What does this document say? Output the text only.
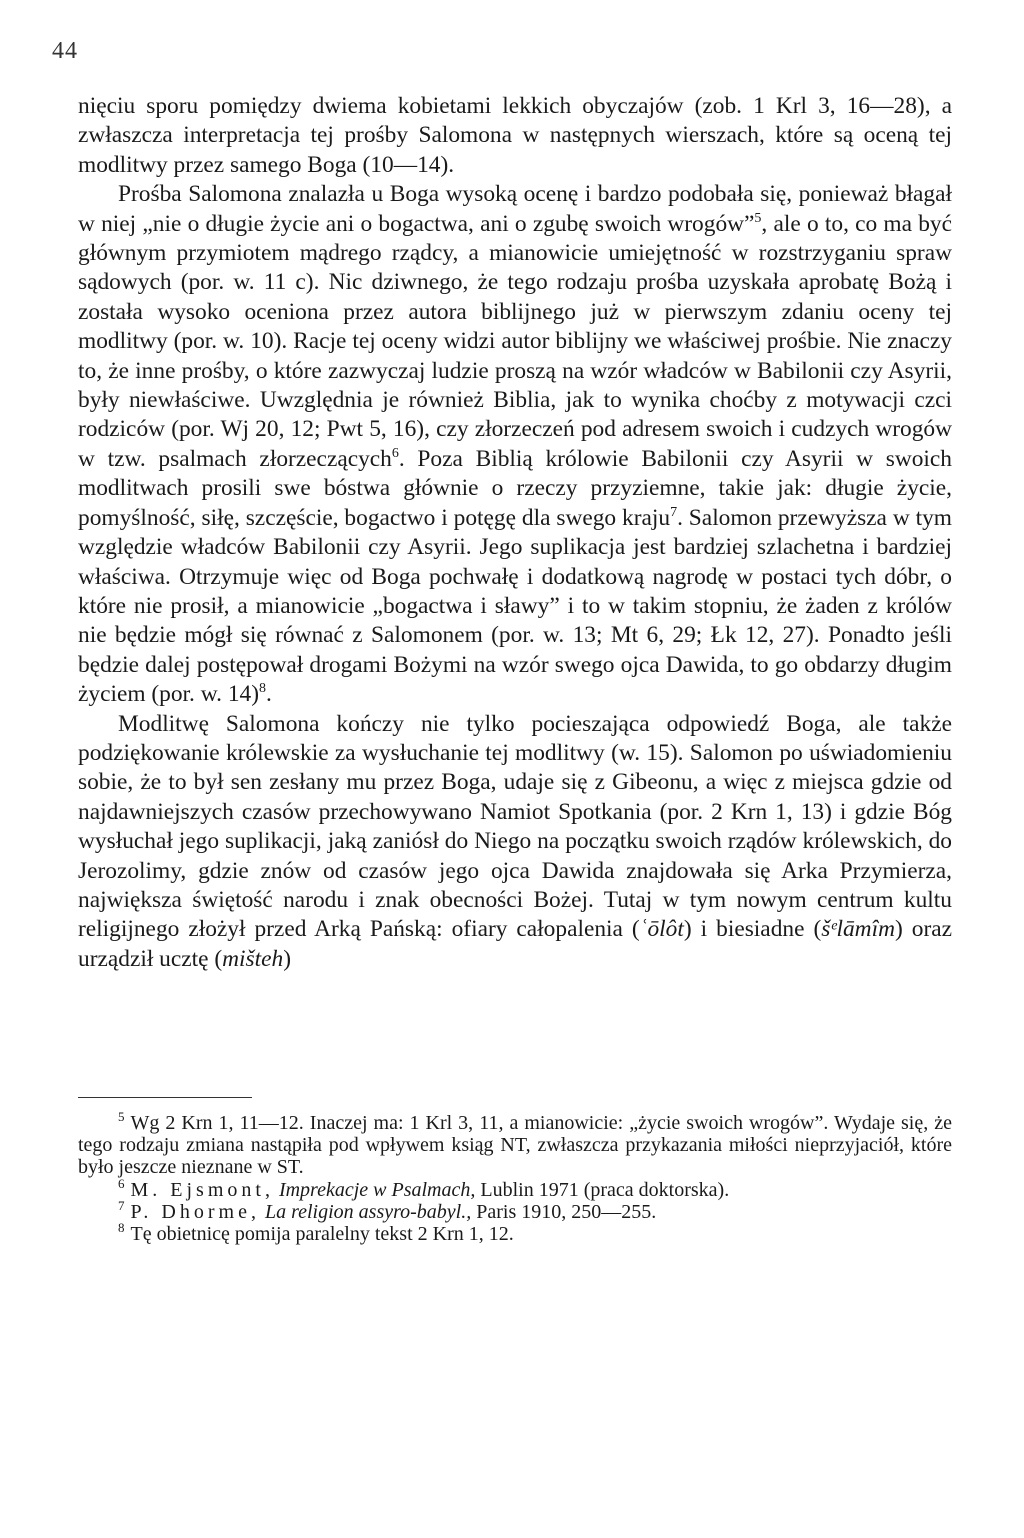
44

nięciu sporu pomiędzy dwiema kobietami lekkich obyczajów (zob. 1 Krl 3, 16—28), a zwłaszcza interpretacja tej prośby Salomona w następnych wierszach, które są oceną tej modlitwy przez samego Boga (10—14).

Prośba Salomona znalazła u Boga wysoką ocenę i bardzo podobała się, ponieważ błagał w niej „nie o długie życie ani o bogactwa, ani o zgubę swoich wrogów”$^5$, ale o to, co ma być głównym przymiotem mądrego rządcy, a mianowicie umiejętność w rozstrzyganiu spraw sądowych (por. w. 11 c). Nic dziwnego, że tego rodzaju prośba uzyskała aprobatę Bożą i została wysoko oceniona przez autora biblijnego już w pierwszym zdaniu oceny tej modlitwy (por. w. 10). Racje tej oceny widzi autor biblijny we właściwej prośbie. Nie znaczy to, że inne prośby, o które zazwyczaj ludzie proszą na wzór władców w Babilonii czy Asyrii, były niewłaściwe. Uwzględnia je również Biblia, jak to wynika choćby z motywacji czci rodziców (por. Wj 20, 12; Pwt 5, 16), czy złorzeczeń pod adresem swoich i cudzych wrogów w tzw. psalmach złorzeczących$^6$. Poza Biblią królowie Babilonii czy Asyrii w swoich modlitwach prosili swe bóstwa głównie o rzeczy przyziemne, takie jak: długie życie, pomyślność, siłę, szczęście, bogactwo i potęgę dla swego kraju$^7$. Salomon przewyższa w tym względzie władców Babilonii czy Asyrii. Jego suplikacja jest bardziej szlachetna i bardziej właściwa. Otrzymuje więc od Boga pochwałę i dodatkową nagrodę w postaci tych dóbr, o które nie prosił, a mianowicie „bogactwa i sławy” i to w takim stopniu, że żaden z królów nie będzie mógł się równać z Salomonem (por. w. 13; Mt 6, 29; Łk 12, 27). Ponadto jeśli będzie dalej postępował drogami Bożymi na wzór swego ojca Dawida, to go obdarzy długim życiem (por. w. 14)$^8$.

Modlitwę Salomona kończy nie tylko pocieszająca odpowiedź Boga, ale także podziękowanie królewskie za wysłuchanie tej modlitwy (w. 15). Salomon po uświadomieniu sobie, że to był sen zesłany mu przez Boga, udaje się z Gibeonu, a więc z miejsca gdzie od najdawniejszych czasów przechowywano Namiot Spotkania (por. 2 Krn 1, 13) i gdzie Bóg wysłuchał jego suplikacji, jaką zaniósł do Niego na początku swoich rządów królewskich, do Jerozolimy, gdzie znów od czasów jego ojca Dawida znajdowała się Arka Przymierza, największa świętość narodu i znak obecności Bożej. Tutaj w tym nowym centrum kultu religijnego złożył przed Arką Pańską: ofiary całopalenia (ʿōlôt) i biesiadne (šᵉlāmîm) oraz urządził ucztę (mišteh)

$^5$ Wg 2 Krn 1, 11—12. Inaczej ma: 1 Krl 3, 11, a mianowicie: „życie swoich wrogów”. Wydaje się, że tego rodzaju zmiana nastąpiła pod wpływem ksiąg NT, zwłaszcza przykazania miłości nieprzyjaciół, które było jeszcze nieznane w ST.

$^6$ M. Ejsmont, Imprekacje w Psalmach, Lublin 1971 (praca doktorska).

$^7$ P. Dhorme, La religion assyro-babyl., Paris 1910, 250—255.

$^8$ Tę obietnicę pomija paralelny tekst 2 Krn 1, 12.
